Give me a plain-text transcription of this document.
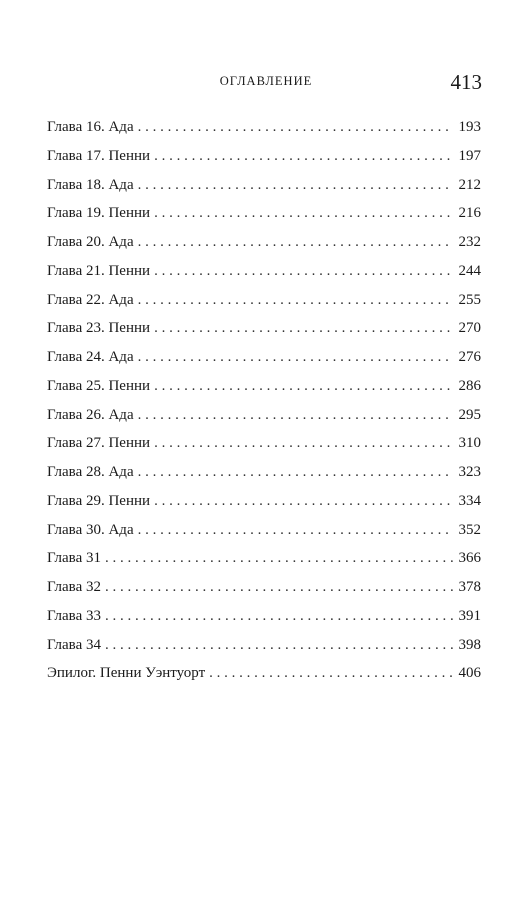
ОГЛАВЛЕНИЕ	413
Глава 16. Ада . . .	193
Глава 17. Пенни . . .	197
Глава 18. Ада . . .	212
Глава 19. Пенни . . .	216
Глава 20. Ада . . .	232
Глава 21. Пенни . . .	244
Глава 22. Ада . . .	255
Глава 23. Пенни . . .	270
Глава 24. Ада . . .	276
Глава 25. Пенни . . .	286
Глава 26. Ада . . .	295
Глава 27. Пенни . . .	310
Глава 28. Ада . . .	323
Глава 29. Пенни . . .	334
Глава 30. Ада . . .	352
Глава 31 . . .	366
Глава 32 . . .	378
Глава 33 . . .	391
Глава 34 . . .	398
Эпилог. Пенни Уэнтуорт . . .	406
